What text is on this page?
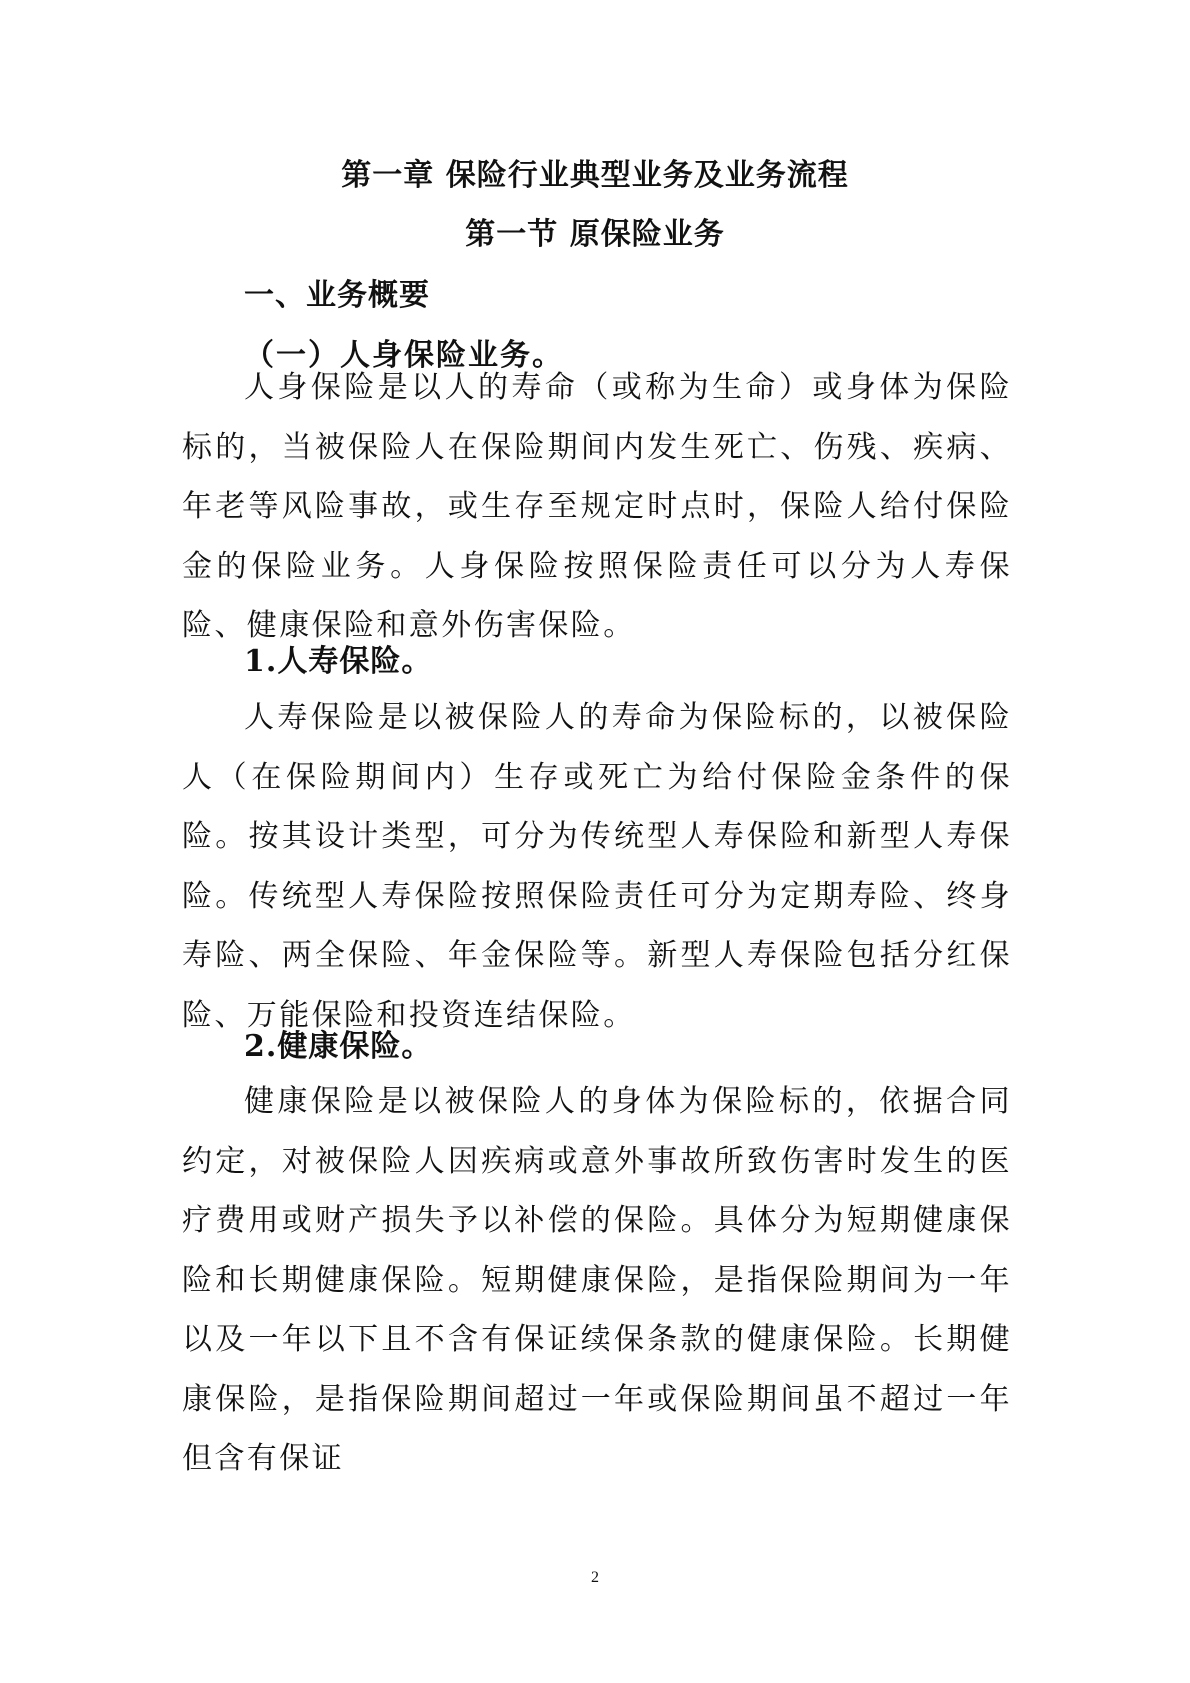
第一章 保险行业典型业务及业务流程
第一节 原保险业务
一、业务概要
（一）人身保险业务。

人身保险是以人的寿命（或称为生命）或身体为保险标的，当被保险人在保险期间内发生死亡、伤残、疾病、年老等风险事故，或生存至规定时点时，保险人给付保险金的保险业务。人身保险按照保险责任可以分为人寿保险、健康保险和意外伤害保险。

1.人寿保险。

人寿保险是以被保险人的寿命为保险标的，以被保险人（在保险期间内）生存或死亡为给付保险金条件的保险。按其设计类型，可分为传统型人寿保险和新型人寿保险。传统型人寿保险按照保险责任可分为定期寿险、终身寿险、两全保险、年金保险等。新型人寿保险包括分红保险、万能保险和投资连结保险。

2.健康保险。

健康保险是以被保险人的身体为保险标的，依据合同约定，对被保险人因疾病或意外事故所致伤害时发生的医疗费用或财产损失予以补偿的保险。具体分为短期健康保险和长期健康保险。短期健康保险，是指保险期间为一年以及一年以下且不含有保证续保条款的健康保险。长期健康保险，是指保险期间超过一年或保险期间虽不超过一年但含有保证

2
